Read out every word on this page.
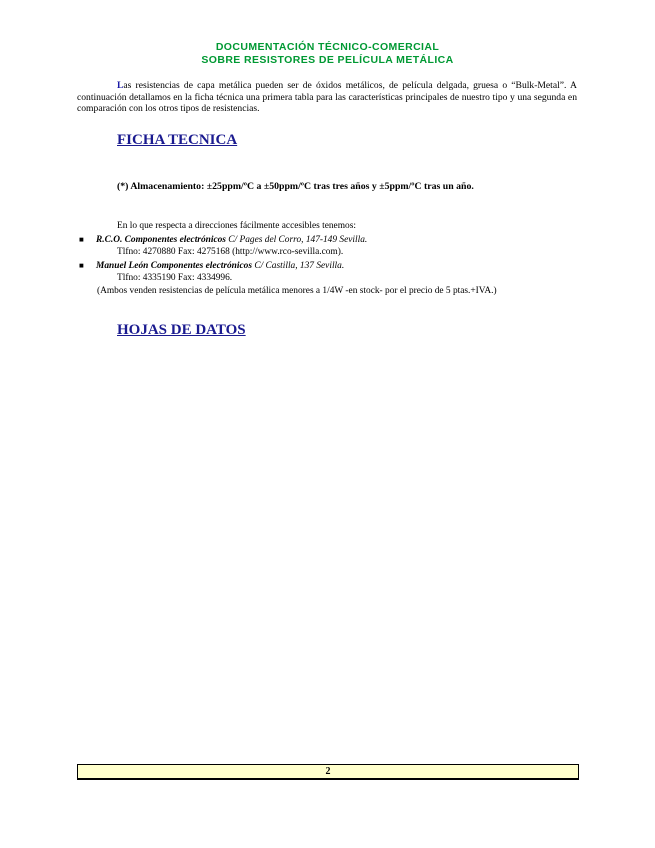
DOCUMENTACIÓN TÉCNICO-COMERCIAL
SOBRE RESISTORES DE PELÍCULA METÁLICA

Las resistencias de capa metálica pueden ser de óxidos metálicos, de película delgada, gruesa o “Bulk-Metal”. A continuación detallamos en la ficha técnica una primera tabla para las características principales de nuestro tipo y una segunda en comparación con los otros tipos de resistencias.

FICHA TECNICA

(*) Almacenamiento: ±25ppm/ºC a ±50ppm/ºC tras tres años y ±5ppm/ºC tras un año.

En lo que respecta a direcciones fácilmente accesibles tenemos:

■	R.C.O. Componentes electrónicos C/ Pages del Corro, 147-149 Sevilla.
Tlfno: 4270880 Fax: 4275168 (http://www.rco-sevilla.com).
■	Manuel León Componentes electrónicos C/ Castilla, 137 Sevilla.
Tlfno: 4335190 Fax: 4334996.

(Ambos venden resistencias de película metálica menores a 1/4W -en stock- por el precio de 5 ptas.+IVA.)

HOJAS DE DATOS
2
